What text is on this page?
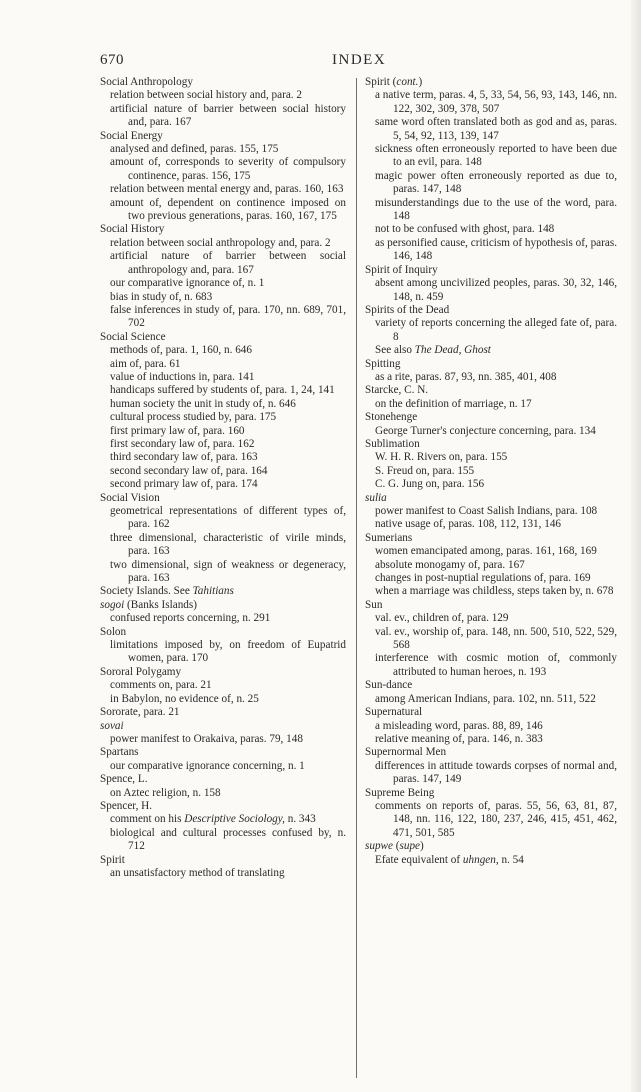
670	INDEX
Social Anthropology
relation between social history and, para. 2
artificial nature of barrier between social history and, para. 167
Social Energy
analysed and defined, paras. 155, 175
amount of, corresponds to severity of compulsory continence, paras. 156, 175
relation between mental energy and, paras. 160, 163
amount of, dependent on continence imposed on two previous generations, paras. 160, 167, 175
Social History
relation between social anthropology and, para. 2
artificial nature of barrier between social anthropology and, para. 167
our comparative ignorance of, n. 1
bias in study of, n. 683
false inferences in study of, para. 170, nn. 689, 701, 702
Social Science
methods of, para. 1, 160, n. 646
aim of, para. 61
value of inductions in, para. 141
handicaps suffered by students of, para. 1, 24, 141
human society the unit in study of, n. 646
cultural process studied by, para. 175
first primary law of, para. 160
first secondary law of, para. 162
third secondary law of, para. 163
second secondary law of, para. 164
second primary law of, para. 174
Social Vision
geometrical representations of different types of, para. 162
three dimensional, characteristic of virile minds, para. 163
two dimensional, sign of weakness or degeneracy, para. 163
Society Islands. See Tahitians
sogoi (Banks Islands)
confused reports concerning, n. 291
Solon
limitations imposed by, on freedom of Eupatrid women, para. 170
Sororal Polygamy
comments on, para. 21
in Babylon, no evidence of, n. 25
Sororate, para. 21
sovai
power manifest to Orakaiva, paras. 79, 148
Spartans
our comparative ignorance concerning, n. 1
Spence, L.
on Aztec religion, n. 158
Spencer, H.
comment on his Descriptive Sociology, n. 343
biological and cultural processes confused by, n. 712
Spirit
an unsatisfactory method of translating
Spirit (cont.)
a native term, paras. 4, 5, 33, 54, 56, 93, 143, 146, nn. 122, 302, 309, 378, 507
same word often translated both as god and as, paras. 5, 54, 92, 113, 139, 147
sickness often erroneously reported to have been due to an evil, para. 148
magic power often erroneously reported as due to, paras. 147, 148
misunderstandings due to the use of the word, para. 148
not to be confused with ghost, para. 148
as personified cause, criticism of hypothesis of, paras. 146, 148
Spirit of Inquiry
absent among uncivilized peoples, paras. 30, 32, 146, 148, n. 459
Spirits of the Dead
variety of reports concerning the alleged fate of, para. 8
See also The Dead, Ghost
Spitting
as a rite, paras. 87, 93, nn. 385, 401, 408
Starcke, C. N.
on the definition of marriage, n. 17
Stonehenge
George Turner's conjecture concerning, para. 134
Sublimation
W. H. R. Rivers on, para. 155
S. Freud on, para. 155
C. G. Jung on, para. 156
sulia
power manifest to Coast Salish Indians, para. 108
native usage of, paras. 108, 112, 131, 146
Sumerians
women emancipated among, paras. 161, 168, 169
absolute monogamy of, para. 167
changes in post-nuptial regulations of, para. 169
when a marriage was childless, steps taken by, n. 678
Sun
val. ev., children of, para. 129
val. ev., worship of, para. 148, nn. 500, 510, 522, 529, 568
interference with cosmic motion of, commonly attributed to human heroes, n. 193
Sun-dance
among American Indians, para. 102, nn. 511, 522
Supernatural
a misleading word, paras. 88, 89, 146
relative meaning of, para. 146, n. 383
Supernormal Men
differences in attitude towards corpses of normal and, paras. 147, 149
Supreme Being
comments on reports of, paras. 55, 56, 63, 81, 87, 148, nn. 116, 122, 180, 237, 246, 415, 451, 462, 471, 501, 585
supwe (supe)
Efate equivalent of uhngen, n. 54
